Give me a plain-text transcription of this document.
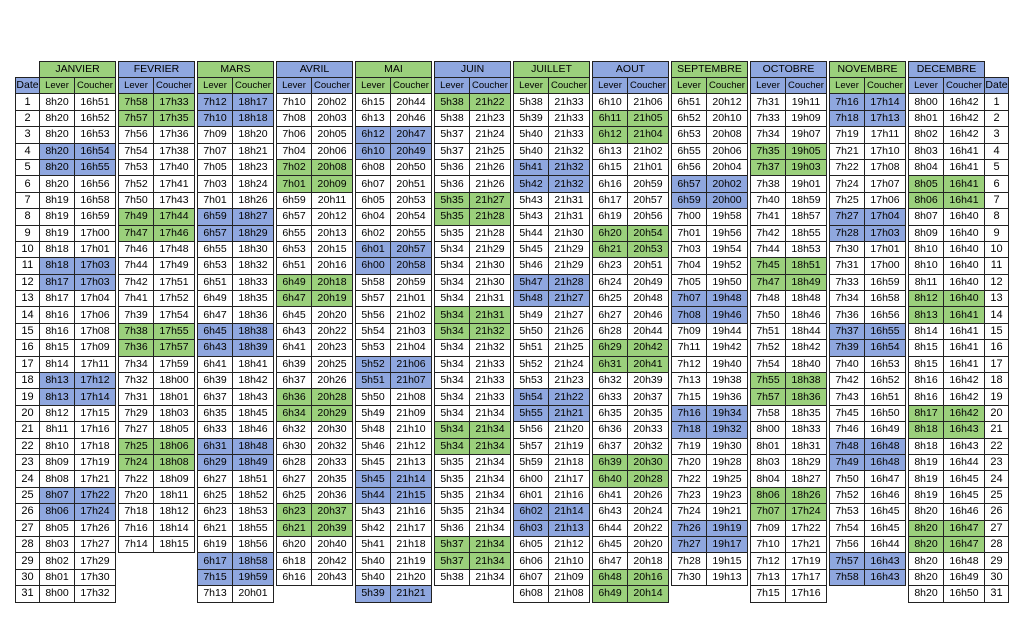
	JANVIER			FEVRIER			MARS			AVRIL			MAI			JUIN			JUILLET			AOUT			SEPTEMBRE			OCTOBRE			NOVEMBRE			DECEMBRE		
Date	Lever	Coucher		Lever	Coucher		Lever	Coucher		Lever	Coucher		Lever	Coucher		Lever	Coucher		Lever	Coucher		Lever	Coucher		Lever	Coucher		Lever	Coucher		Lever	Coucher		Lever	Coucher	Date
1	8h20	16h51		7h58	17h33		7h12	18h17		7h10	20h02		6h15	20h44		5h38	21h22		5h38	21h33		6h10	21h06		6h51	20h12		7h31	19h11		7h16	17h14		8h00	16h42	1
2	8h20	16h52		7h57	17h35		7h10	18h18		7h08	20h03		6h13	20h46		5h38	21h23		5h39	21h33		6h11	21h05		6h52	20h10		7h33	19h09		7h18	17h13		8h01	16h42	2
3	8h20	16h53		7h56	17h36		7h09	18h20		7h06	20h05		6h12	20h47		5h37	21h24		5h40	21h33		6h12	21h04		6h53	20h08		7h34	19h07		7h19	17h11		8h02	16h42	3
4	8h20	16h54		7h54	17h38		7h07	18h21		7h04	20h06		6h10	20h49		5h37	21h25		5h40	21h32		6h13	21h02		6h55	20h06		7h35	19h05		7h21	17h10		8h03	16h41	4
5	8h20	16h55		7h53	17h40		7h05	18h23		7h02	20h08		6h08	20h50		5h36	21h26		5h41	21h32		6h15	21h01		6h56	20h04		7h37	19h03		7h22	17h08		8h04	16h41	5
6	8h20	16h56		7h52	17h41		7h03	18h24		7h01	20h09		6h07	20h51		5h36	21h26		5h42	21h32		6h16	20h59		6h57	20h02		7h38	19h01		7h24	17h07		8h05	16h41	6
7	8h19	16h58		7h50	17h43		7h01	18h26		6h59	20h11		6h05	20h53		5h35	21h27		5h43	21h31		6h17	20h57		6h59	20h00		7h40	18h59		7h25	17h06		8h06	16h41	7
8	8h19	16h59		7h49	17h44		6h59	18h27		6h57	20h12		6h04	20h54		5h35	21h28		5h43	21h31		6h19	20h56		7h00	19h58		7h41	18h57		7h27	17h04		8h07	16h40	8
9	8h19	17h00		7h47	17h46		6h57	18h29		6h55	20h13		6h02	20h55		5h35	21h28		5h44	21h30		6h20	20h54		7h01	19h56		7h42	18h55		7h28	17h03		8h09	16h40	9
10	8h18	17h01		7h46	17h48		6h55	18h30		6h53	20h15		6h01	20h57		5h34	21h29		5h45	21h29		6h21	20h53		7h03	19h54		7h44	18h53		7h30	17h01		8h10	16h40	10
11	8h18	17h03		7h44	17h49		6h53	18h32		6h51	20h16		6h00	20h58		5h34	21h30		5h46	21h29		6h23	20h51		7h04	19h52		7h45	18h51		7h31	17h00		8h10	16h40	11
12	8h17	17h03		7h42	17h51		6h51	18h33		6h49	20h18		5h58	20h59		5h34	21h30		5h47	21h28		6h24	20h49		7h05	19h50		7h47	18h49		7h33	16h59		8h11	16h40	12
13	8h17	17h04		7h41	17h52		6h49	18h35		6h47	20h19		5h57	21h01		5h34	21h31		5h48	21h27		6h25	20h48		7h07	19h48		7h48	18h48		7h34	16h58		8h12	16h40	13
14	8h16	17h06		7h39	17h54		6h47	18h36		6h45	20h20		5h56	21h02		5h34	21h31		5h49	21h27		6h27	20h46		7h08	19h46		7h50	18h46		7h36	16h56		8h13	16h41	14
15	8h16	17h08		7h38	17h55		6h45	18h38		6h43	20h22		5h54	21h03		5h34	21h32		5h50	21h26		6h28	20h44		7h09	19h44		7h51	18h44		7h37	16h55		8h14	16h41	15
16	8h15	17h09		7h36	17h57		6h43	18h39		6h41	20h23		5h53	21h04		5h34	21h32		5h51	21h25		6h29	20h42		7h11	19h42		7h52	18h42		7h39	16h54		8h15	16h41	16
17	8h14	17h11		7h34	17h59		6h41	18h41		6h39	20h25		5h52	21h06		5h34	21h33		5h52	21h24		6h31	20h41		7h12	19h40		7h54	18h40		7h40	16h53		8h15	16h41	17
18	8h13	17h12		7h32	18h00		6h39	18h42		6h37	20h26		5h51	21h07		5h34	21h33		5h53	21h23		6h32	20h39		7h13	19h38		7h55	18h38		7h42	16h52		8h16	16h42	18
19	8h13	17h14		7h31	18h01		6h37	18h43		6h36	20h28		5h50	21h08		5h34	21h33		5h54	21h22		6h33	20h37		7h15	19h36		7h57	18h36		7h43	16h51		8h16	16h42	19
20	8h12	17h15		7h29	18h03		6h35	18h45		6h34	20h29		5h49	21h09		5h34	21h34		5h55	21h21		6h35	20h35		7h16	19h34		7h58	18h35		7h45	16h50		8h17	16h42	20
21	8h11	17h16		7h27	18h05		6h33	18h46		6h32	20h30		5h48	21h10		5h34	21h34		5h56	21h20		6h36	20h33		7h18	19h32		8h00	18h33		7h46	16h49		8h18	16h43	21
22	8h10	17h18		7h25	18h06		6h31	18h48		6h30	20h32		5h46	21h12		5h34	21h34		5h57	21h19		6h37	20h32		7h19	19h30		8h01	18h31		7h48	16h48		8h18	16h43	22
23	8h09	17h19		7h24	18h08		6h29	18h49		6h28	20h33		5h45	21h13		5h35	21h34		5h59	21h18		6h39	20h30		7h20	19h28		8h03	18h29		7h49	16h48		8h19	16h44	23
24	8h08	17h21		7h22	18h09		6h27	18h51		6h27	20h35		5h45	21h14		5h35	21h34		6h00	21h17		6h40	20h28		7h22	19h25		8h04	18h27		7h50	16h47		8h19	16h45	24
25	8h07	17h22		7h20	18h11		6h25	18h52		6h25	20h36		5h44	21h15		5h35	21h34		6h01	21h16		6h41	20h26		7h23	19h23		8h06	18h26		7h52	16h46		8h19	16h45	25
26	8h06	17h24		7h18	18h12		6h23	18h53		6h23	20h37		5h43	21h16		5h35	21h34		6h02	21h14		6h43	20h24		7h24	19h21		7h07	17h24		7h53	16h45		8h20	16h46	26
27	8h05	17h26		7h16	18h14		6h21	18h55		6h21	20h39		5h42	21h17		5h36	21h34		6h03	21h13		6h44	20h22		7h26	19h19		7h09	17h22		7h54	16h45		8h20	16h47	27
28	8h03	17h27		7h14	18h15		6h19	18h56		6h20	20h40		5h41	21h18		5h37	21h34		6h05	21h12		6h45	20h20		7h27	19h17		7h10	17h21		7h56	16h44		8h20	16h47	28
29	8h02	17h29					6h17	18h58		6h18	20h42		5h40	21h19		5h37	21h34		6h06	21h10		6h47	20h18		7h28	19h15		7h12	17h19		7h57	16h43		8h20	16h48	29
30	8h01	17h30					7h15	19h59		6h16	20h43		5h40	21h20		5h38	21h34		6h07	21h09		6h48	20h16		7h30	19h13		7h13	17h17		7h58	16h43		8h20	16h49	30
31	8h00	17h32					7h13	20h01					5h39	21h21					6h08	21h08		6h49	20h14					7h15	17h16					8h20	16h50	31
